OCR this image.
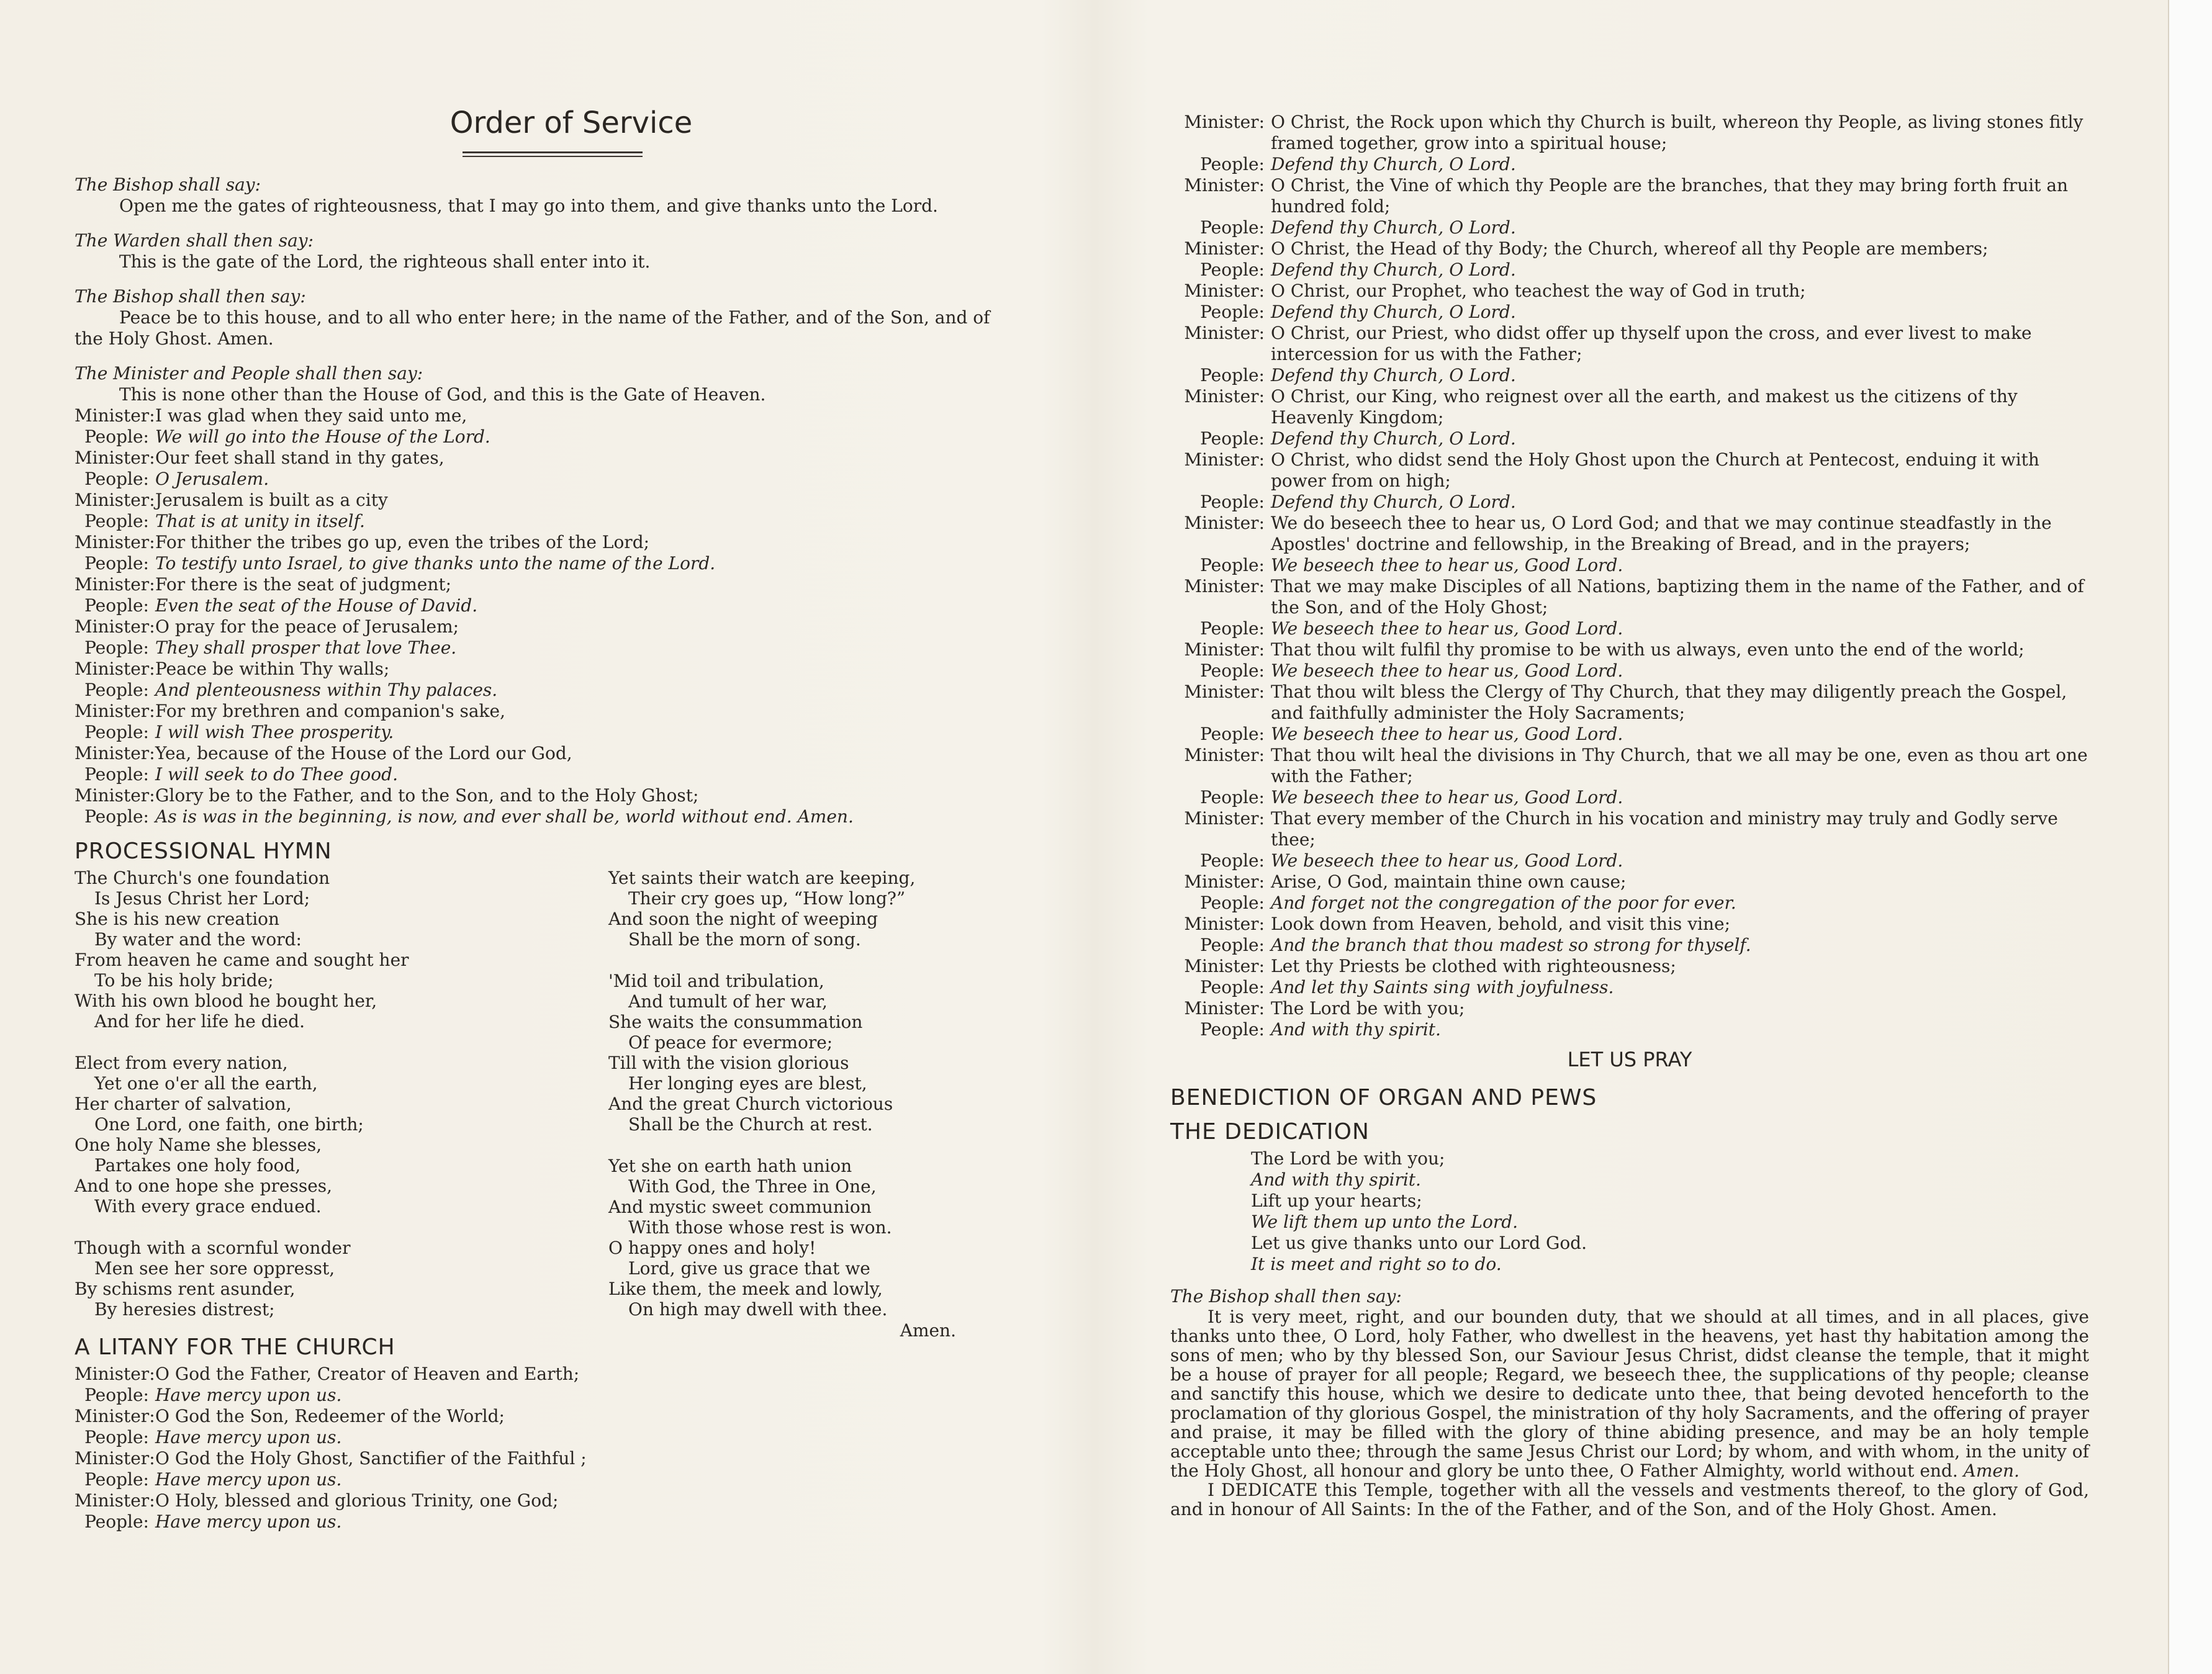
Order of Service
The Bishop shall say:
Open me the gates of righteousness, that I may go into them, and give thanks unto the Lord.
The Warden shall then say:
This is the gate of the Lord, the righteous shall enter into it.
The Bishop shall then say:
Peace be to this house, and to all who enter here; in the name of the Father, and of the Son, and of the Holy Ghost. Amen.
The Minister and People shall then say:
This is none other than the House of God, and this is the Gate of Heaven.
Minister: I was glad when they said unto me,
People: We will go into the House of the Lord.
Minister: Our feet shall stand in thy gates,
People: O Jerusalem.
Minister: Jerusalem is built as a city
People: That is at unity in itself.
Minister: For thither the tribes go up, even the tribes of the Lord;
People: To testify unto Israel, to give thanks unto the name of the Lord.
Minister: For there is the seat of judgment;
People: Even the seat of the House of David.
Minister: O pray for the peace of Jerusalem;
People: They shall prosper that love Thee.
Minister: Peace be within Thy walls;
People: And plenteousness within Thy palaces.
Minister: For my brethren and companion's sake,
People: I will wish Thee prosperity.
Minister: Yea, because of the House of the Lord our God,
People: I will seek to do Thee good.
Minister: Glory be to the Father, and to the Son, and to the Holy Ghost;
People: As is was in the beginning, is now, and ever shall be, world without end. Amen.
PROCESSIONAL HYMN
The Church's one foundation
Is Jesus Christ her Lord;
She is his new creation
By water and the word:
From heaven he came and sought her
To be his holy bride;
With his own blood he bought her,
And for her life he died.
Elect from every nation,
Yet one o'er all the earth,
Her charter of salvation,
One Lord, one faith, one birth;
One holy Name she blesses,
Partakes one holy food,
And to one hope she presses,
With every grace endued.
Though with a scornful wonder
Men see her sore oppresst,
By schisms rent asunder,
By heresies distrest;
Yet saints their watch are keeping,
Their cry goes up, “How long?”
And soon the night of weeping
Shall be the morn of song.
'Mid toil and tribulation,
And tumult of her war,
She waits the consummation
Of peace for evermore;
Till with the vision glorious
Her longing eyes are blest,
And the great Church victorious
Shall be the Church at rest.
Yet she on earth hath union
With God, the Three in One,
And mystic sweet communion
With those whose rest is won.
O happy ones and holy!
Lord, give us grace that we
Like them, the meek and lowly,
On high may dwell with thee.
Amen.
A LITANY FOR THE CHURCH
Minister: O God the Father, Creator of Heaven and Earth;
People: Have mercy upon us.
Minister: O God the Son, Redeemer of the World;
People: Have mercy upon us.
Minister: O God the Holy Ghost, Sanctifier of the Faithful ;
People: Have mercy upon us.
Minister: O Holy, blessed and glorious Trinity, one God;
People: Have mercy upon us.
Minister: O Christ, the Rock upon which thy Church is built, whereon thy People, as living stones fitly framed together, grow into a spiritual house;
People: Defend thy Church, O Lord.
Minister: O Christ, the Vine of which thy People are the branches, that they may bring forth fruit an hundred fold;
People: Defend thy Church, O Lord.
Minister: O Christ, the Head of thy Body; the Church, whereof all thy People are members;
People: Defend thy Church, O Lord.
Minister: O Christ, our Prophet, who teachest the way of God in truth;
People: Defend thy Church, O Lord.
Minister: O Christ, our Priest, who didst offer up thyself upon the cross, and ever livest to make intercession for us with the Father;
People: Defend thy Church, O Lord.
Minister: O Christ, our King, who reignest over all the earth, and makest us the citizens of thy Heavenly Kingdom;
People: Defend thy Church, O Lord.
Minister: O Christ, who didst send the Holy Ghost upon the Church at Pentecost, enduing it with power from on high;
People: Defend thy Church, O Lord.
Minister: We do beseech thee to hear us, O Lord God; and that we may continue steadfastly in the Apostles' doctrine and fellowship, in the Breaking of Bread, and in the prayers;
People: We beseech thee to hear us, Good Lord.
Minister: That we may make Disciples of all Nations, baptizing them in the name of the Father, and of the Son, and of the Holy Ghost;
People: We beseech thee to hear us, Good Lord.
Minister: That thou wilt fulfil thy promise to be with us always, even unto the end of the world;
People: We beseech thee to hear us, Good Lord.
Minister: That thou wilt bless the Clergy of Thy Church, that they may diligently preach the Gospel, and faithfully administer the Holy Sacraments;
People: We beseech thee to hear us, Good Lord.
Minister: That thou wilt heal the divisions in Thy Church, that we all may be one, even as thou art one with the Father;
People: We beseech thee to hear us, Good Lord.
Minister: That every member of the Church in his vocation and ministry may truly and Godly serve thee;
People: We beseech thee to hear us, Good Lord.
Minister: Arise, O God, maintain thine own cause;
People: And forget not the congregation of the poor for ever.
Minister: Look down from Heaven, behold, and visit this vine;
People: And the branch that thou madest so strong for thyself.
Minister: Let thy Priests be clothed with righteousness;
People: And let thy Saints sing with joyfulness.
Minister: The Lord be with you;
People: And with thy spirit.
LET US PRAY
BENEDICTION OF ORGAN AND PEWS
THE DEDICATION
The Lord be with you;
And with thy spirit.
Lift up your hearts;
We lift them up unto the Lord.
Let us give thanks unto our Lord God.
It is meet and right so to do.
The Bishop shall then say:

It is very meet, right, and our bounden duty, that we should at all times, and in all places, give thanks unto thee, O Lord, holy Father, who dwellest in the heavens, yet hast thy habitation among the sons of men; who by thy blessed Son, our Saviour Jesus Christ, didst cleanse the temple, that it might be a house of prayer for all people; Regard, we beseech thee, the supplications of thy people; cleanse and sanctify this house, which we desire to dedicate unto thee, that being devoted henceforth to the proclamation of thy glorious Gospel, the ministration of thy holy Sacraments, and the offering of prayer and praise, it may be filled with the glory of thine abiding presence, and may be an holy temple acceptable unto thee; through the same Jesus Christ our Lord; by whom, and with whom, in the unity of the Holy Ghost, all honour and glory be unto thee, O Father Almighty, world without end. Amen.

I DEDICATE this Temple, together with all the vessels and vestments thereof, to the glory of God, and in honour of All Saints: In the of the Father, and of the Son, and of the Holy Ghost. Amen.
